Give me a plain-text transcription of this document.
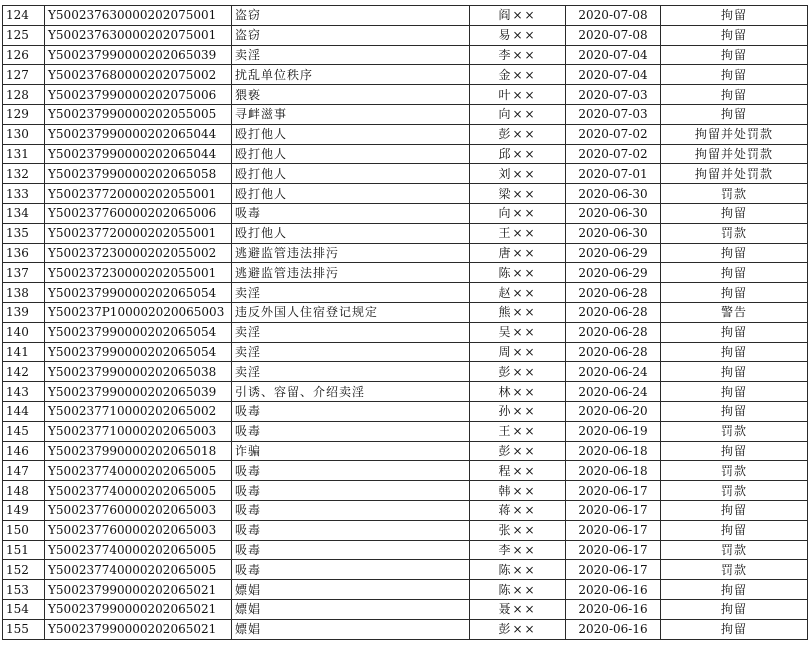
124	Y500237630000202075001	盗窃	阎××	2020-07-08	拘留
125	Y500237630000202075001	盗窃	易××	2020-07-08	拘留
126	Y500237990000202065039	卖淫	李××	2020-07-04	拘留
127	Y500237680000202075002	扰乱单位秩序	金××	2020-07-04	拘留
128	Y500237990000202075006	猥亵	叶××	2020-07-03	拘留
129	Y500237990000202055005	寻衅滋事	向××	2020-07-03	拘留
130	Y500237990000202065044	殴打他人	彭××	2020-07-02	拘留并处罚款
131	Y500237990000202065044	殴打他人	邱××	2020-07-02	拘留并处罚款
132	Y500237990000202065058	殴打他人	刘××	2020-07-01	拘留并处罚款
133	Y500237720000202055001	殴打他人	梁××	2020-06-30	罚款
134	Y500237760000202065006	吸毒	向××	2020-06-30	拘留
135	Y500237720000202055001	殴打他人	王××	2020-06-30	罚款
136	Y500237230000202055002	逃避监管违法排污	唐××	2020-06-29	拘留
137	Y500237230000202055001	逃避监管违法排污	陈××	2020-06-29	拘留
138	Y500237990000202065054	卖淫	赵××	2020-06-28	拘留
139	Y500237P100002020065003	违反外国人住宿登记规定	熊××	2020-06-28	警告
140	Y500237990000202065054	卖淫	吴××	2020-06-28	拘留
141	Y500237990000202065054	卖淫	周××	2020-06-28	拘留
142	Y500237990000202065038	卖淫	彭××	2020-06-24	拘留
143	Y500237990000202065039	引诱、容留、介绍卖淫	林××	2020-06-24	拘留
144	Y500237710000202065002	吸毒	孙××	2020-06-20	拘留
145	Y500237710000202065003	吸毒	王××	2020-06-19	罚款
146	Y500237990000202065018	诈骗	彭××	2020-06-18	拘留
147	Y500237740000202065005	吸毒	程××	2020-06-18	罚款
148	Y500237740000202065005	吸毒	韩××	2020-06-17	罚款
149	Y500237760000202065003	吸毒	蒋××	2020-06-17	拘留
150	Y500237760000202065003	吸毒	张××	2020-06-17	拘留
151	Y500237740000202065005	吸毒	李××	2020-06-17	罚款
152	Y500237740000202065005	吸毒	陈××	2020-06-17	罚款
153	Y500237990000202065021	嫖娼	陈××	2020-06-16	拘留
154	Y500237990000202065021	嫖娼	聂××	2020-06-16	拘留
155	Y500237990000202065021	嫖娼	彭××	2020-06-16	拘留
